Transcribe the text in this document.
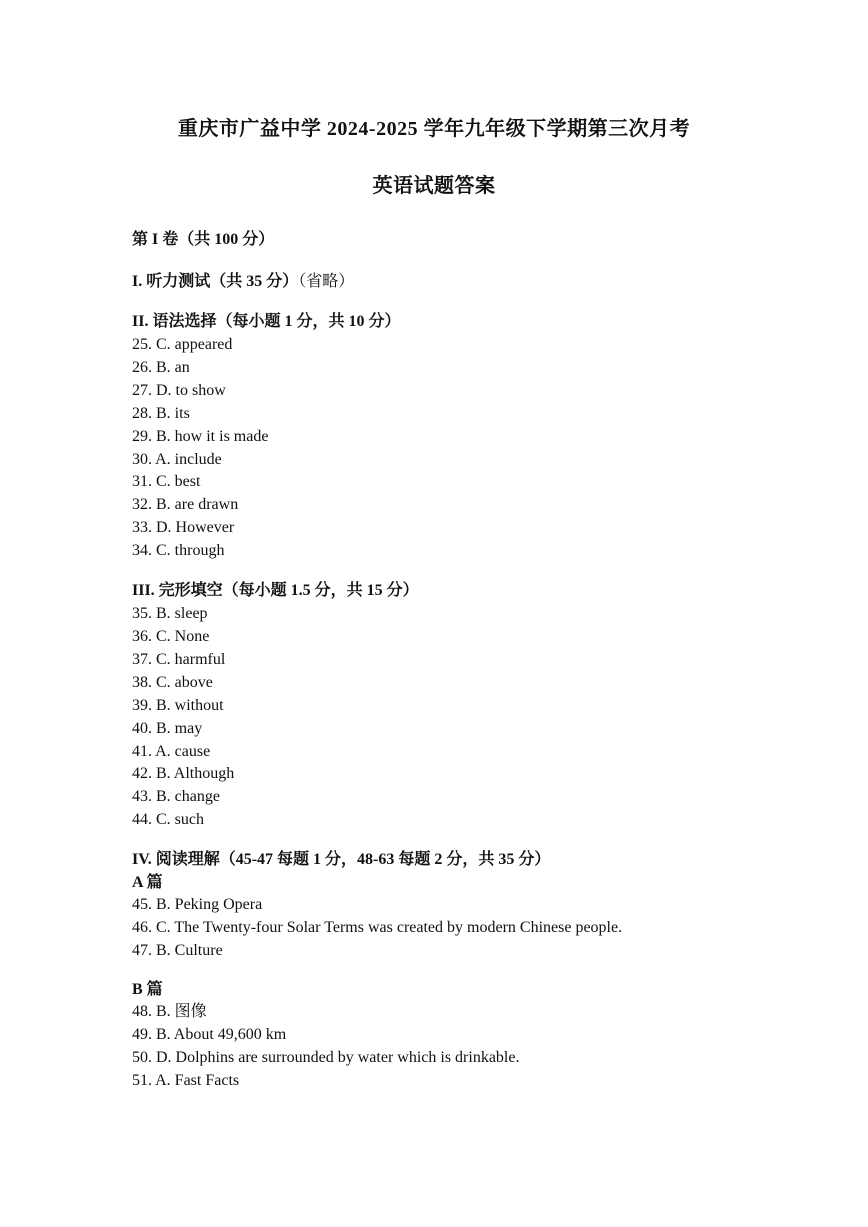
重庆市广益中学 2024-2025 学年九年级下学期第三次月考
英语试题答案
第 I 卷（共 100 分）
I. 听力测试（共 35 分）（省略）
II. 语法选择（每小题 1 分，共 10 分）
25. C. appeared
26. B. an
27. D. to show
28. B. its
29. B. how it is made
30. A. include
31. C. best
32. B. are drawn
33. D. However
34. C. through
III. 完形填空（每小题 1.5 分，共 15 分）
35. B. sleep
36. C. None
37. C. harmful
38. C. above
39. B. without
40. B. may
41. A. cause
42. B. Although
43. B. change
44. C. such
IV. 阅读理解（45-47 每题 1 分，48-63 每题 2 分，共 35 分）
A 篇
45. B. Peking Opera
46. C. The Twenty-four Solar Terms was created by modern Chinese people.
47. B. Culture
B 篇
48. B. 图像
49. B. About 49,600 km
50. D. Dolphins are surrounded by water which is drinkable.
51. A. Fast Facts
